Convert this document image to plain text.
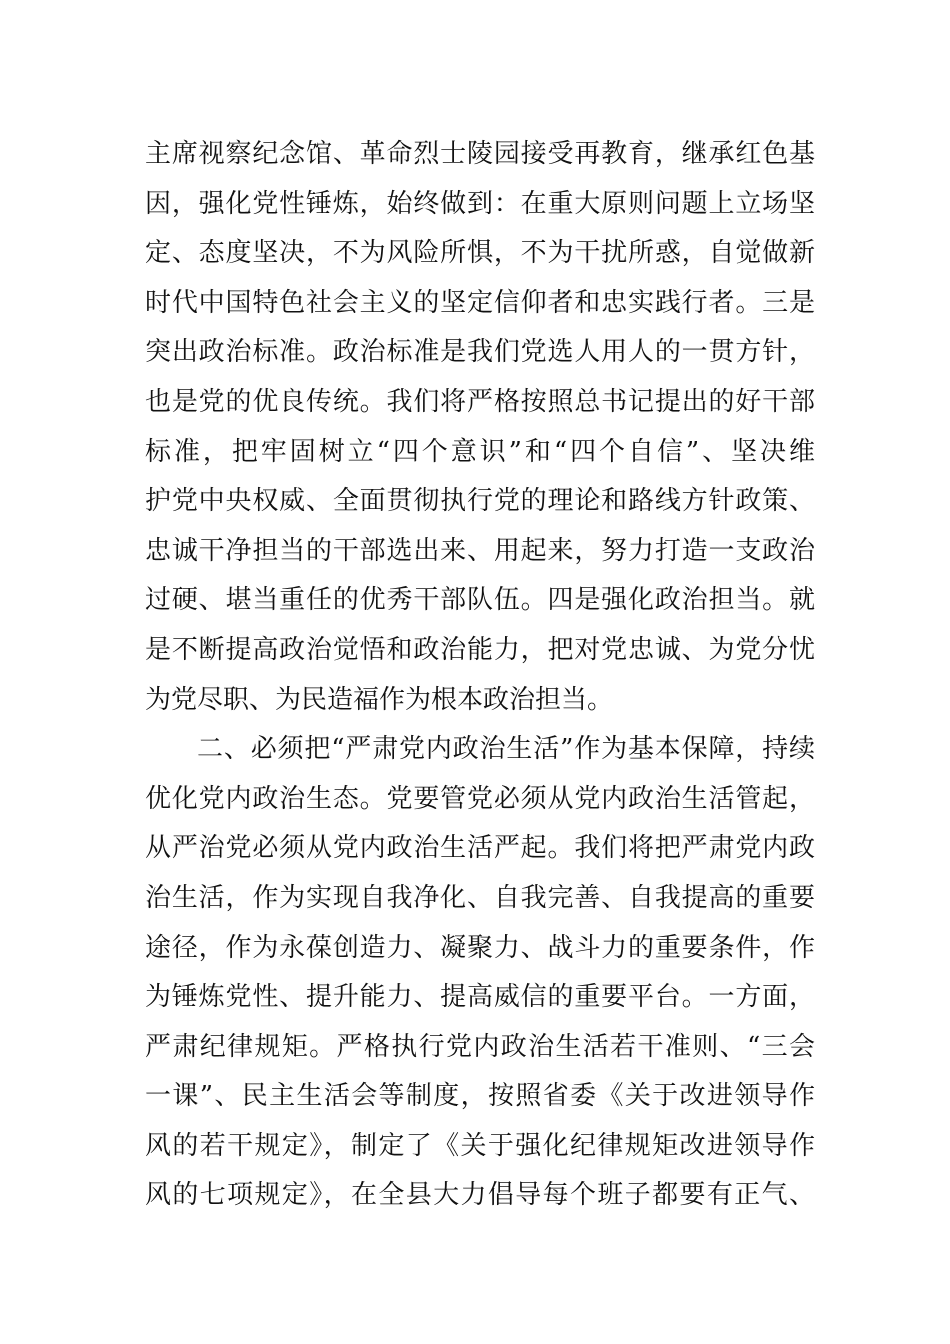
主席视察纪念馆、革命烈士陵园接受再教育，继承红色基
因，强化党性锤炼，始终做到：在重大原则问题上立场坚
定、态度坚决，不为风险所惧，不为干扰所惑，自觉做新
时代中国特色社会主义的坚定信仰者和忠实践行者。三是
突出政治标准。政治标准是我们党选人用人的一贯方针，
也是党的优良传统。我们将严格按照总书记提出的好干部
标准，把牢固树立“四个意识”和“四个自信”、坚决维
护党中央权威、全面贯彻执行党的理论和路线方针政策、
忠诚干净担当的干部选出来、用起来，努力打造一支政治
过硬、堪当重任的优秀干部队伍。四是强化政治担当。就
是不断提高政治觉悟和政治能力，把对党忠诚、为党分忧
为党尽职、为民造福作为根本政治担当。
二、必须把“严肃党内政治生活”作为基本保障，持续
优化党内政治生态。党要管党必须从党内政治生活管起，
从严治党必须从党内政治生活严起。我们将把严肃党内政
治生活，作为实现自我净化、自我完善、自我提高的重要
途径，作为永葆创造力、凝聚力、战斗力的重要条件，作
为锤炼党性、提升能力、提高威信的重要平台。一方面，
严肃纪律规矩。严格执行党内政治生活若干准则、“三会
一课”、民主生活会等制度，按照省委《关于改进领导作
风的若干规定》，制定了《关于强化纪律规矩改进领导作
风的七项规定》，在全县大力倡导每个班子都要有正气、
